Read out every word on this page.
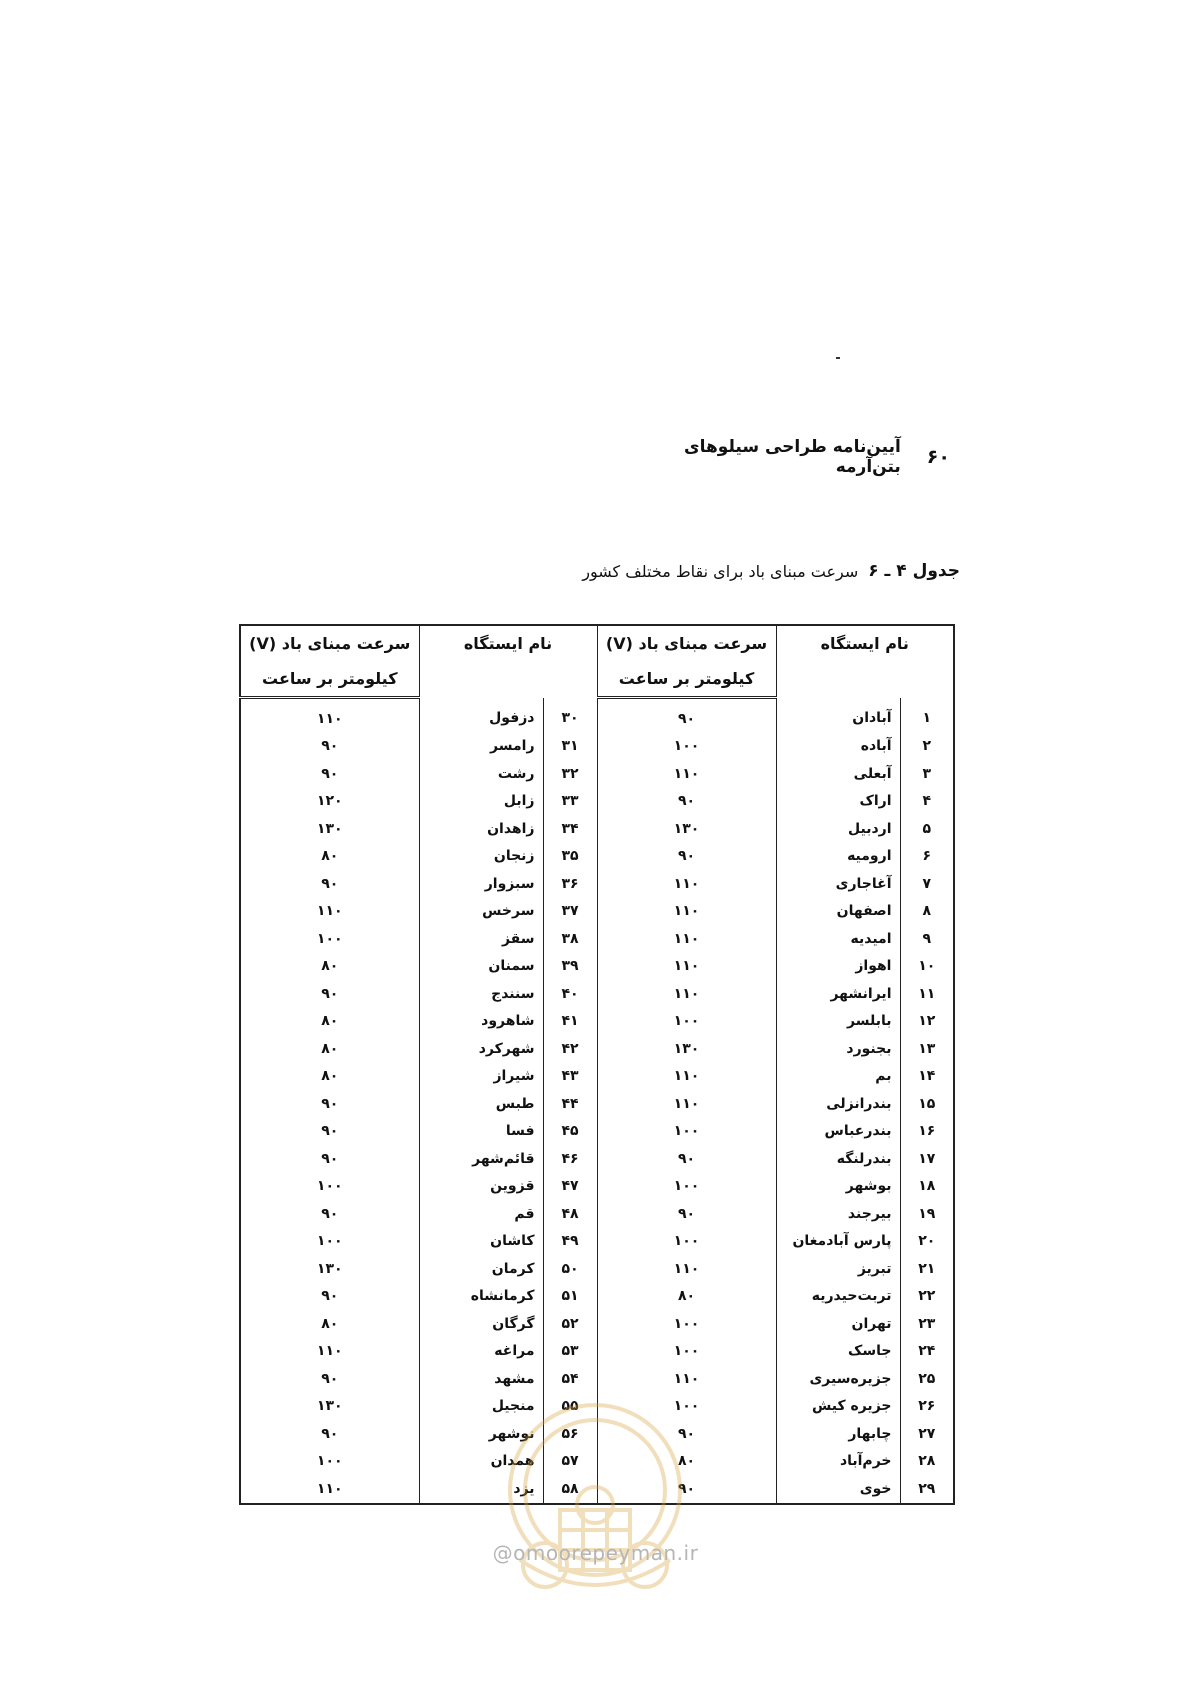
۶۰
آیین‌نامه طراحی سیلوهای بتن‌آرمه
جدول ۴ ـ ۶
سرعت مبنای باد برای نقاط مختلف کشور
نام ایستگاه		سرعت مبنای باد (V)	نام ایستگاه		سرعت مبنای باد (V)
		کیلومتر بر ساعت			کیلومتر بر ساعت
۱	آبادان	۹۰	۳۰	دزفول	۱۱۰
۲	آباده	۱۰۰	۳۱	رامسر	۹۰
۳	آبعلی	۱۱۰	۳۲	رشت	۹۰
۴	اراک	۹۰	۳۳	زابل	۱۲۰
۵	اردبیل	۱۳۰	۳۴	زاهدان	۱۳۰
۶	ارومیه	۹۰	۳۵	زنجان	۸۰
۷	آغاجاری	۱۱۰	۳۶	سبزوار	۹۰
۸	اصفهان	۱۱۰	۳۷	سرخس	۱۱۰
۹	امیدیه	۱۱۰	۳۸	سقز	۱۰۰
۱۰	اهواز	۱۱۰	۳۹	سمنان	۸۰
۱۱	ایرانشهر	۱۱۰	۴۰	سنندج	۹۰
۱۲	بابلسر	۱۰۰	۴۱	شاهرود	۸۰
۱۳	بجنورد	۱۳۰	۴۲	شهرکرد	۸۰
۱۴	بم	۱۱۰	۴۳	شیراز	۸۰
۱۵	بندرانزلی	۱۱۰	۴۴	طبس	۹۰
۱۶	بندرعباس	۱۰۰	۴۵	فسا	۹۰
۱۷	بندرلنگه	۹۰	۴۶	قائم‌شهر	۹۰
۱۸	بوشهر	۱۰۰	۴۷	قزوین	۱۰۰
۱۹	بیرجند	۹۰	۴۸	قم	۹۰
۲۰	پارس آبادمغان	۱۰۰	۴۹	کاشان	۱۰۰
۲۱	تبریز	۱۱۰	۵۰	کرمان	۱۳۰
۲۲	تربت‌حیدریه	۸۰	۵۱	کرمانشاه	۹۰
۲۳	تهران	۱۰۰	۵۲	گرگان	۸۰
۲۴	جاسک	۱۰۰	۵۳	مراغه	۱۱۰
۲۵	جزیره‌سیری	۱۱۰	۵۴	مشهد	۹۰
۲۶	جزیره کیش	۱۰۰	۵۵	منجیل	۱۳۰
۲۷	چابهار	۹۰	۵۶	نوشهر	۹۰
۲۸	خرم‌آباد	۸۰	۵۷	همدان	۱۰۰
۲۹	خوی	۹۰	۵۸	یزد	۱۱۰
@omoorepeyman.ir
